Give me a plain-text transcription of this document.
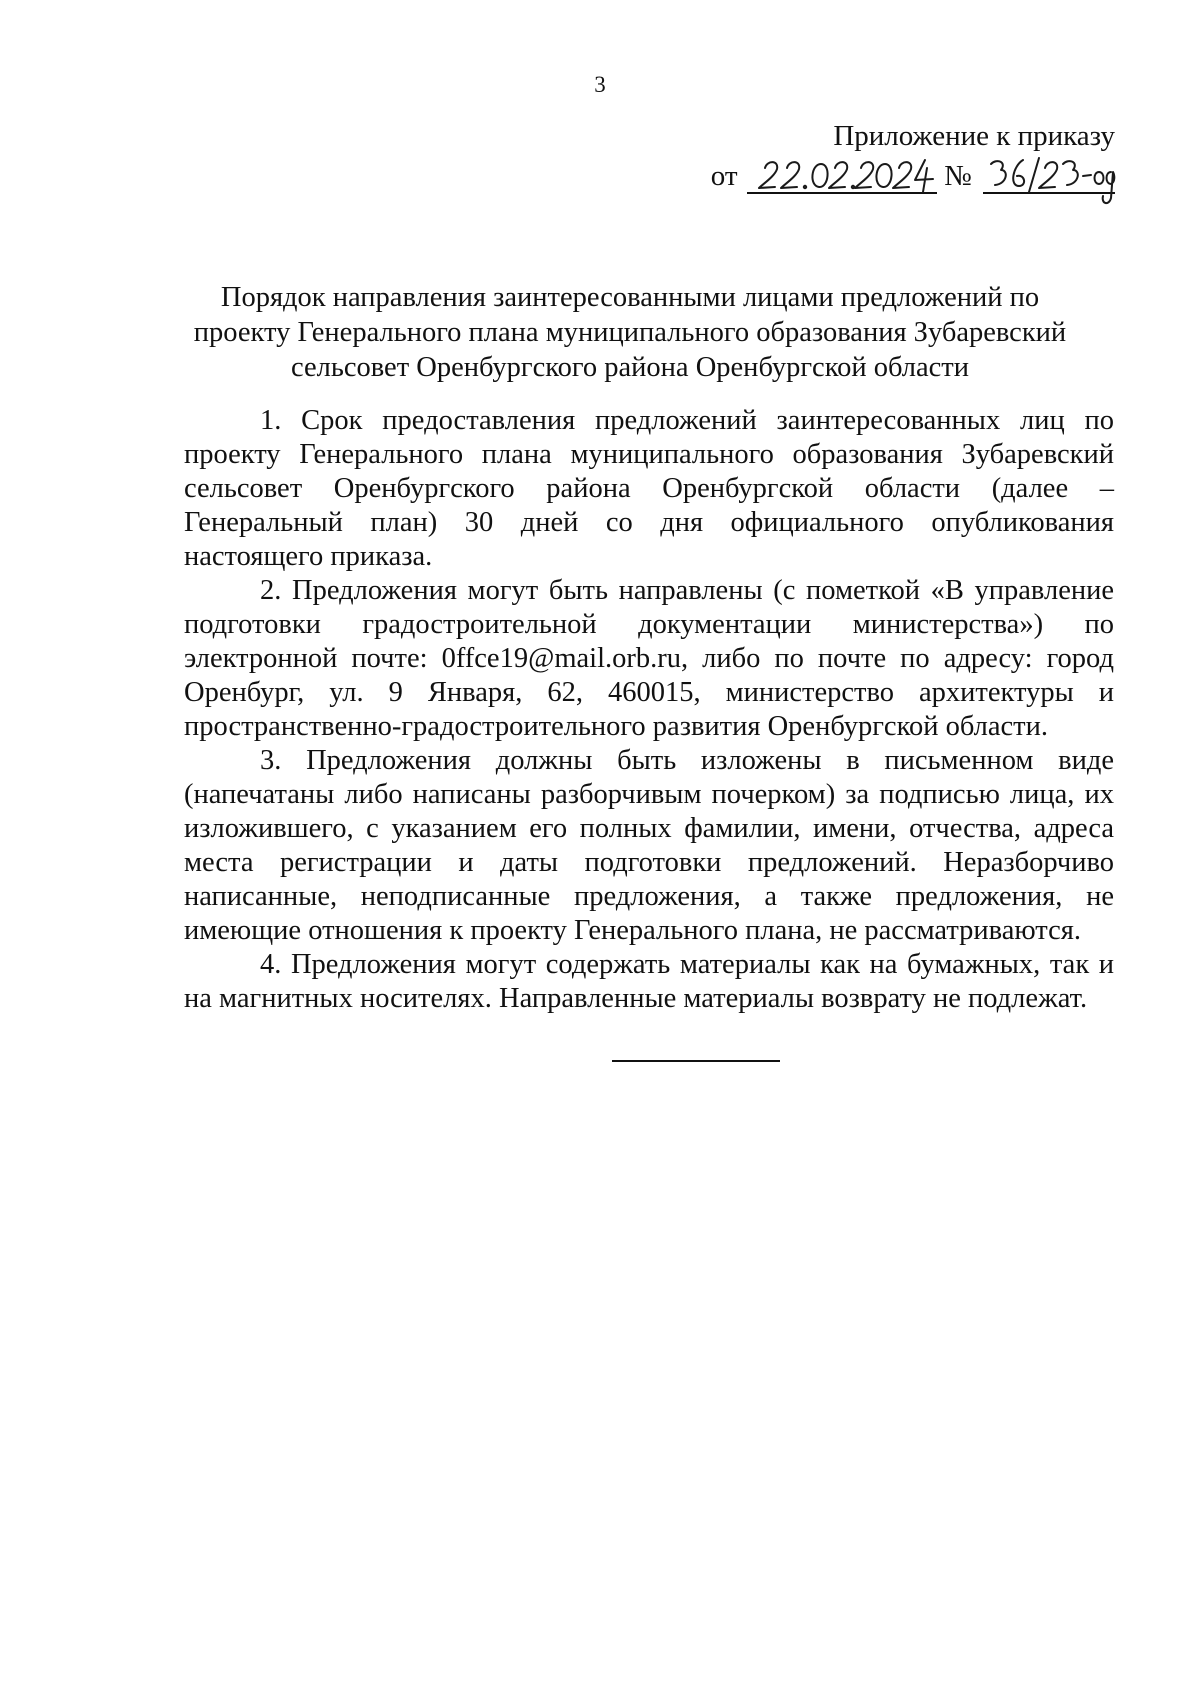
3
Приложение к приказу
от	№
Порядок направления заинтересованными лицами предложений по
проекту Генерального плана муниципального образования Зубаревский
сельсовет Оренбургского района Оренбургской области

1. Срок предоставления предложений заинтересованных лиц по проекту Генерального плана муниципального образования Зубаревский сельсовет Оренбургского района Оренбургской области (далее – Генеральный план) 30 дней со дня официального опубликования настоящего приказа.

2. Предложения могут быть направлены (с пометкой «В управление подготовки градостроительной документации министерства») по электронной почте: 0ffce19@mail.orb.ru, либо по почте по адресу: город Оренбург, ул. 9 Января, 62, 460015, министерство архитектуры и пространственно-градостроительного развития Оренбургской области.

3. Предложения должны быть изложены в письменном виде (напечатаны либо написаны разборчивым почерком) за подписью лица, их изложившего, с указанием его полных фамилии, имени, отчества, адреса места регистрации и даты подготовки предложений. Неразборчиво написанные, неподписанные предложения, а также предложения, не имеющие отношения к проекту Генерального плана, не рассматриваются.

4. Предложения могут содержать материалы как на бумажных, так и на магнитных носителях. Направленные материалы возврату не подлежат.
